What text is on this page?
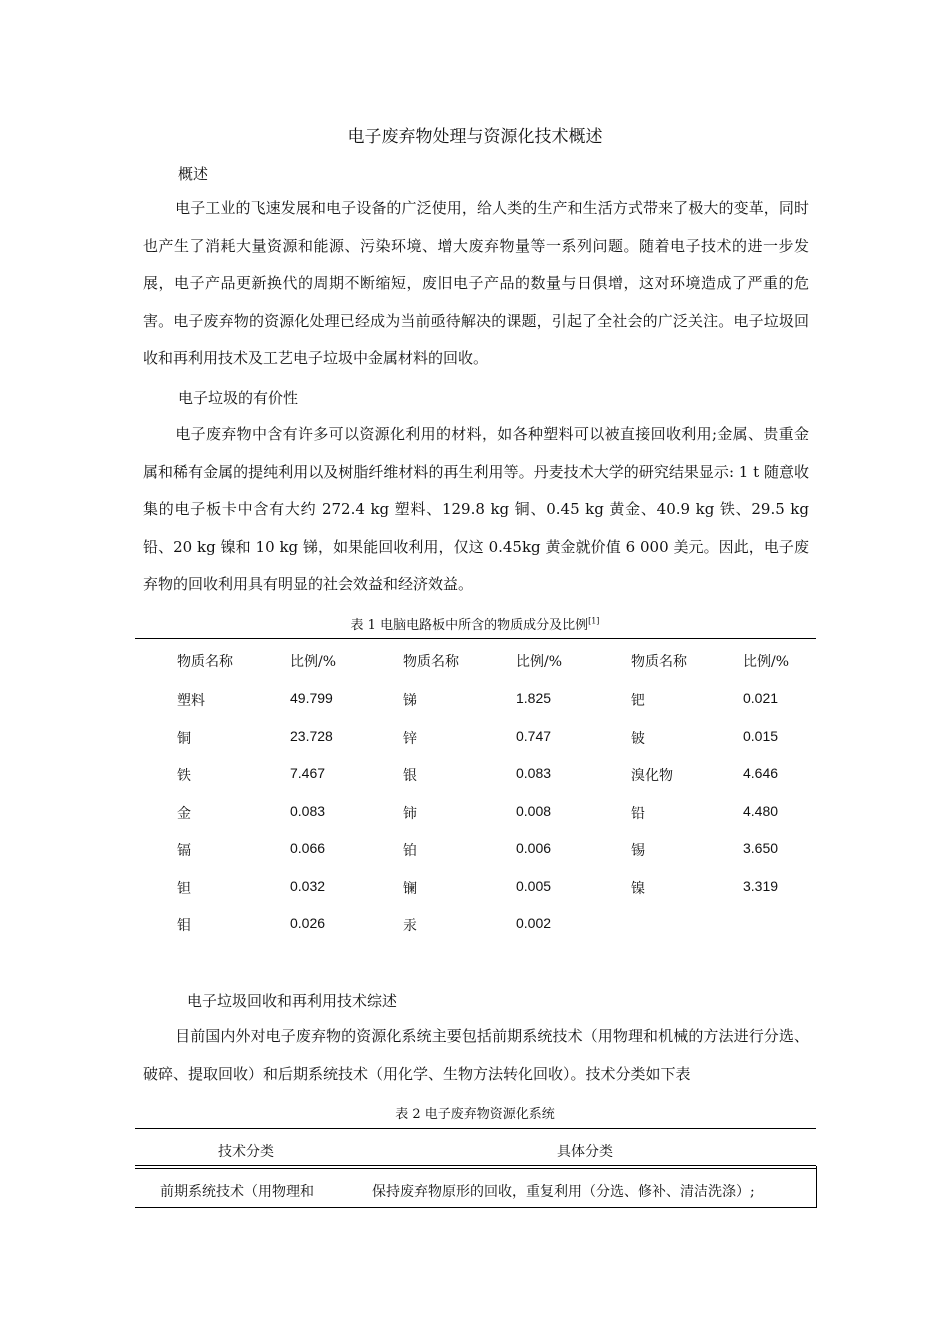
电子废弃物处理与资源化技术概述
概述

电子工业的飞速发展和电子设备的广泛使用，给人类的生产和生活方式带来了极大的变革，同时也产生了消耗大量资源和能源、污染环境、增大废弃物量等一系列问题。随着电子技术的进一步发展，电子产品更新换代的周期不断缩短，废旧电子产品的数量与日俱增，这对环境造成了严重的危害。电子废弃物的资源化处理已经成为当前亟待解决的课题，引起了全社会的广泛关注。电子垃圾回收和再利用技术及工艺电子垃圾中金属材料的回收。

电子垃圾的有价性

电子废弃物中含有许多可以资源化利用的材料，如各种塑料可以被直接回收利用;金属、贵重金属和稀有金属的提纯利用以及树脂纤维材料的再生利用等。丹麦技术大学的研究结果显示: 1 t 随意收集的电子板卡中含有大约 272.4 kg 塑料、129.8 kg 铜、0.45 kg 黄金、40.9 kg 铁、29.5 kg 铅、20 kg 镍和 10 kg 锑，如果能回收利用，仅这 0.45kg 黄金就价值 6 000 美元。因此，电子废弃物的回收利用具有明显的社会效益和经济效益。

表 1 电脑电路板中所含的物质成分及比例[1]
物质名称	比例/%	物质名称	比例/%	物质名称	比例/%
塑料	49.799	锑	1.825	钯	0.021
铜	23.728	锌	0.747	铍	0.015
铁	7.467	银	0.083	溴化物	4.646
金	0.083	铈	0.008	铅	4.480
镉	0.066	铂	0.006	锡	3.650
钽	0.032	镧	0.005	镍	3.319
钼	0.026	汞	0.002
电子垃圾回收和再利用技术综述

目前国内外对电子废弃物的资源化系统主要包括前期系统技术（用物理和机械的方法进行分选、破碎、提取回收）和后期系统技术（用化学、生物方法转化回收）。技术分类如下表

表 2 电子废弃物资源化系统
技术分类	具体分类
前期系统技术（用物理和	保持废弃物原形的回收，重复利用（分选、修补、清洁洗涤）;
